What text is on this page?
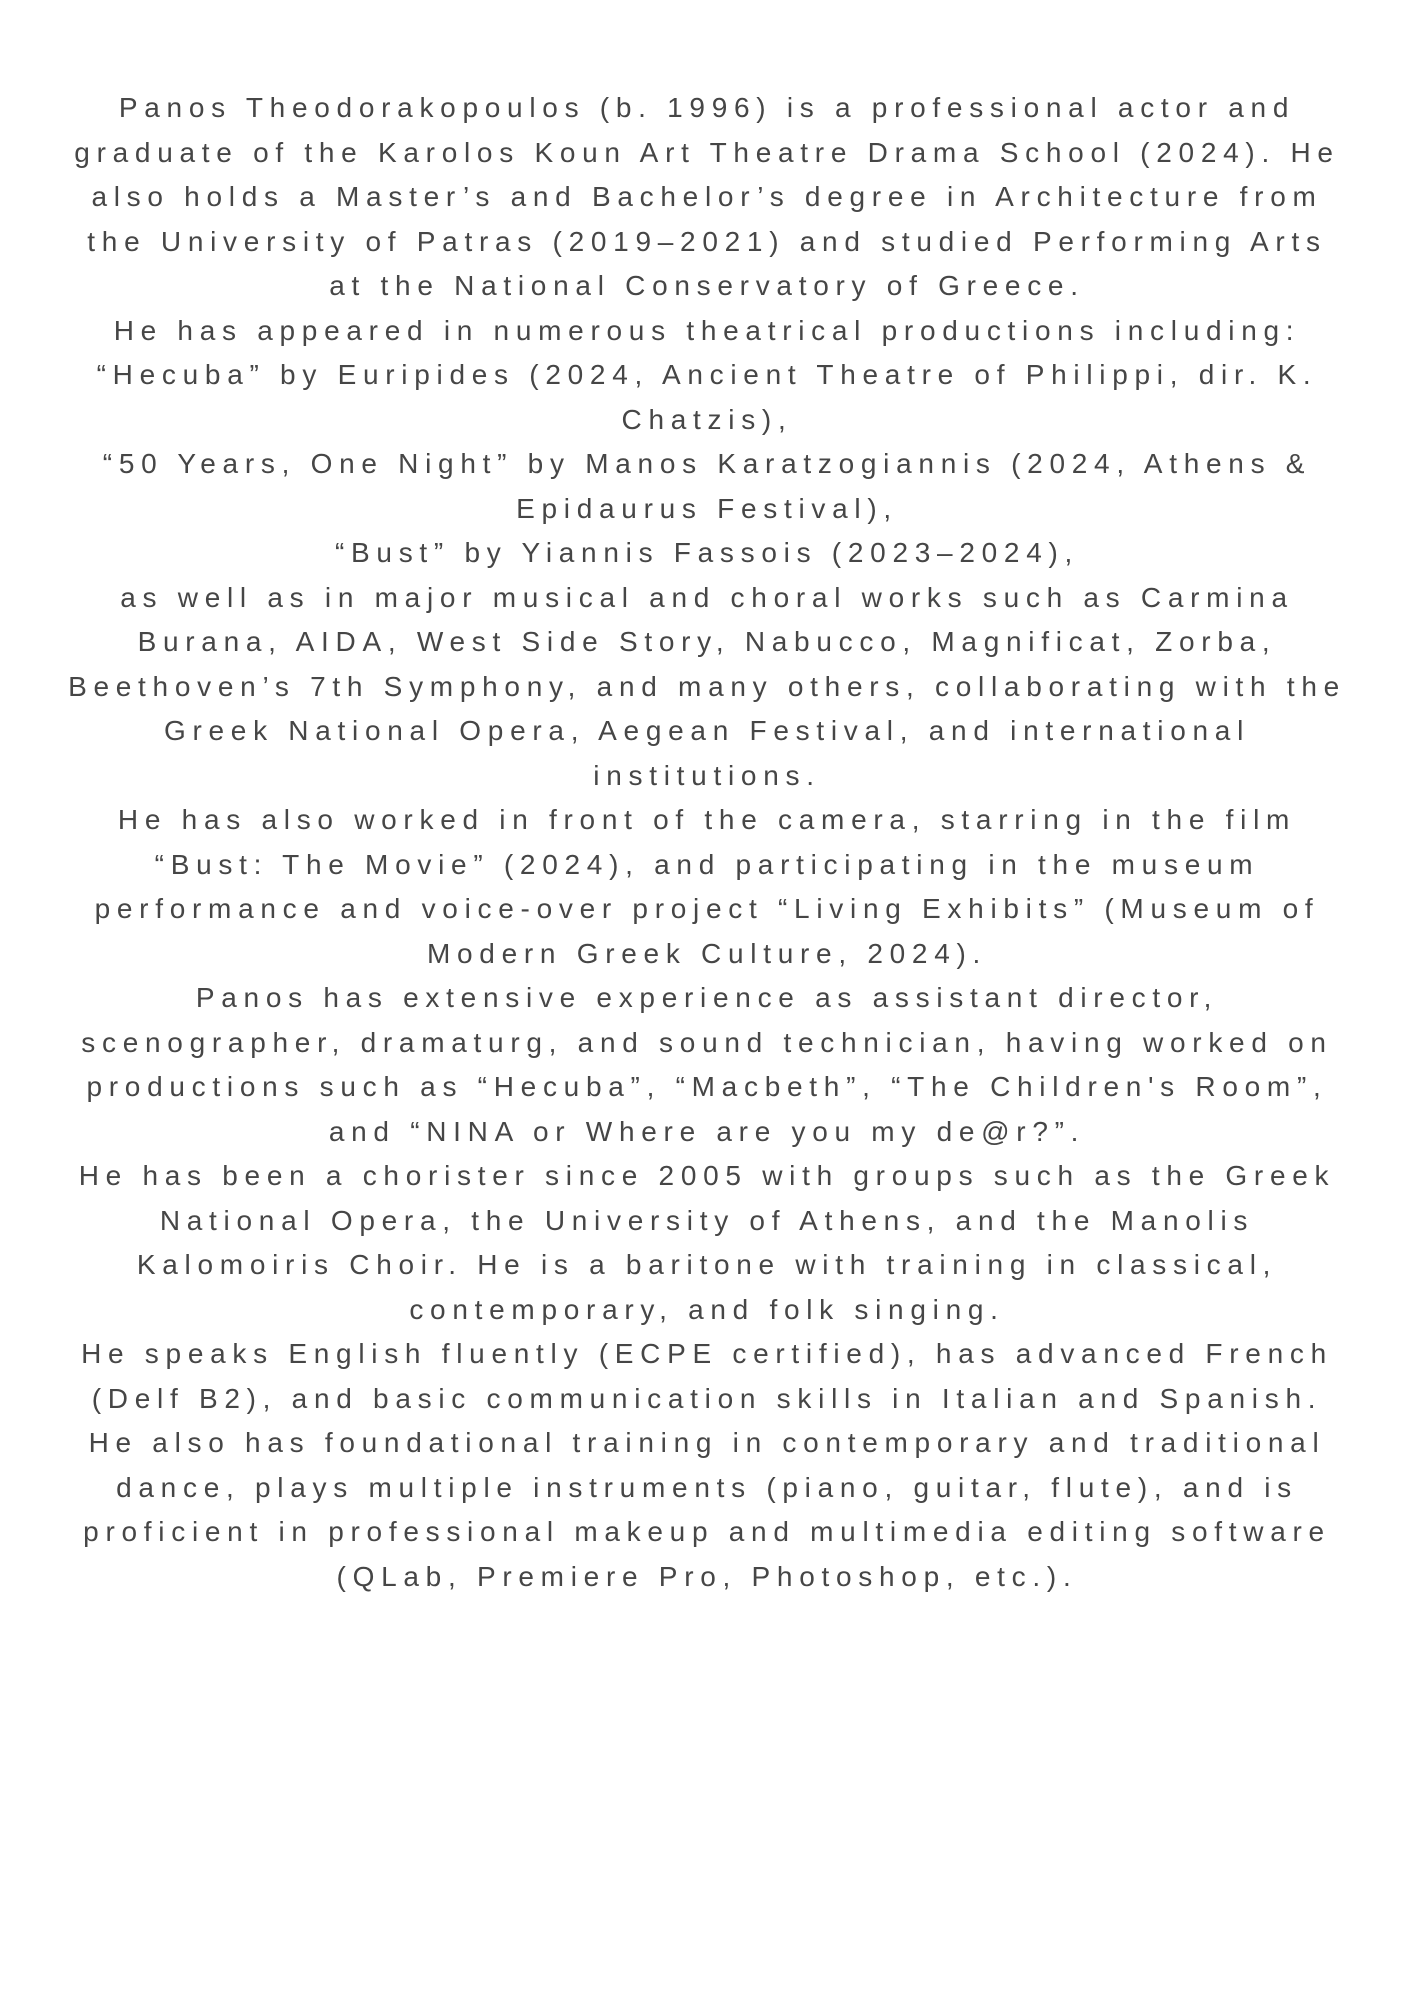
Panos Theodorakopoulos (b. 1996) is a professional actor and graduate of the Karolos Koun Art Theatre Drama School (2024). He also holds a Master’s and Bachelor’s degree in Architecture from the University of Patras (2019–2021) and studied Performing Arts at the National Conservatory of Greece.

He has appeared in numerous theatrical productions including:

“Hecuba” by Euripides (2024, Ancient Theatre of Philippi, dir. K. Chatzis),

“50 Years, One Night” by Manos Karatzogiannis (2024, Athens & Epidaurus Festival),

“Bust” by Yiannis Fassois (2023–2024),

as well as in major musical and choral works such as Carmina Burana, AIDA, West Side Story, Nabucco, Magnificat, Zorba, Beethoven’s 7th Symphony, and many others, collaborating with the Greek National Opera, Aegean Festival, and international institutions.

He has also worked in front of the camera, starring in the film “Bust: The Movie” (2024), and participating in the museum performance and voice-over project “Living Exhibits” (Museum of Modern Greek Culture, 2024).

Panos has extensive experience as assistant director, scenographer, dramaturg, and sound technician, having worked on productions such as “Hecuba”, “Macbeth”, “The Children's Room”, and “NINA or Where are you my de@r?”.

He has been a chorister since 2005 with groups such as the Greek National Opera, the University of Athens, and the Manolis Kalomoiris Choir. He is a baritone with training in classical, contemporary, and folk singing.

He speaks English fluently (ECPE certified), has advanced French (Delf B2), and basic communication skills in Italian and Spanish. He also has foundational training in contemporary and traditional dance, plays multiple instruments (piano, guitar, flute), and is proficient in professional makeup and multimedia editing software (QLab, Premiere Pro, Photoshop, etc.).
